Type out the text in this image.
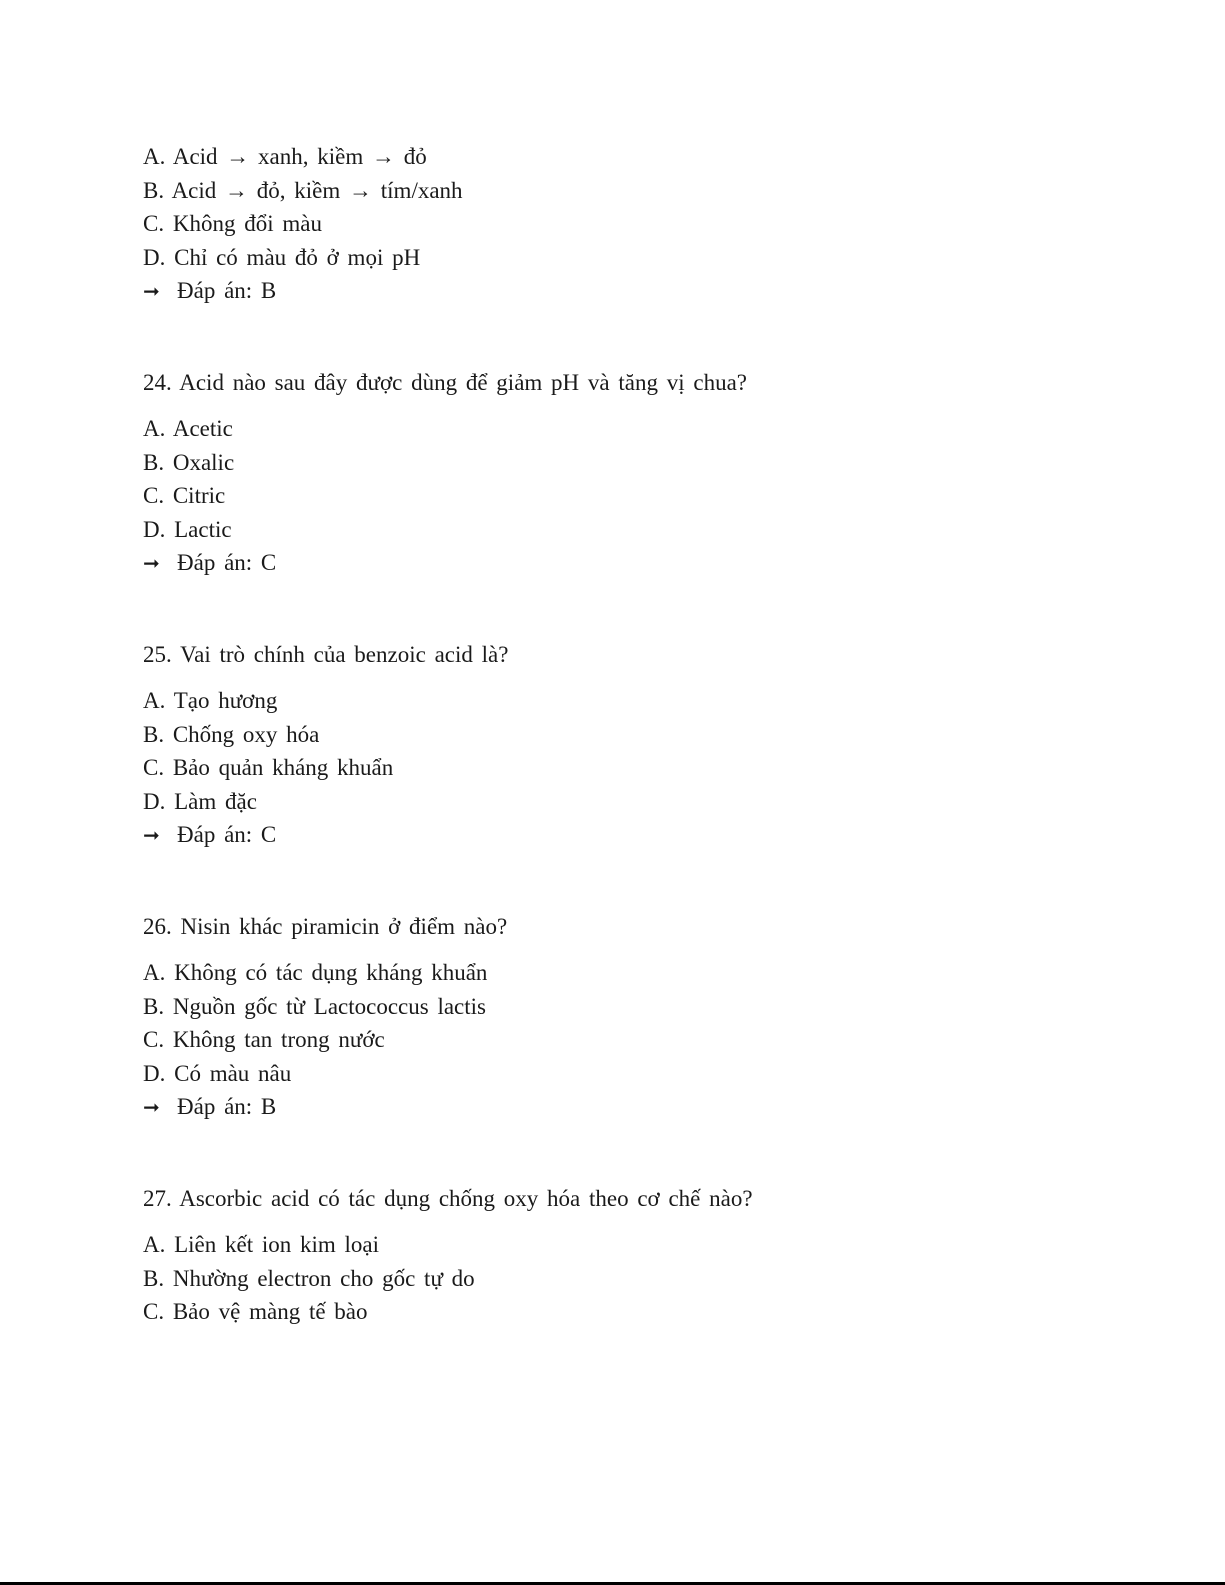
A. Acid → xanh, kiềm → đỏ
B. Acid → đỏ, kiềm → tím/xanh
C. Không đổi màu
D. Chỉ có màu đỏ ở mọi pH
➞ Đáp án: B
24. Acid nào sau đây được dùng để giảm pH và tăng vị chua?
A. Acetic
B. Oxalic
C. Citric
D. Lactic
➞ Đáp án: C
25. Vai trò chính của benzoic acid là?
A. Tạo hương
B. Chống oxy hóa
C. Bảo quản kháng khuẩn
D. Làm đặc
➞ Đáp án: C
26. Nisin khác piramicin ở điểm nào?
A. Không có tác dụng kháng khuẩn
B. Nguồn gốc từ Lactococcus lactis
C. Không tan trong nước
D. Có màu nâu
➞ Đáp án: B
27. Ascorbic acid có tác dụng chống oxy hóa theo cơ chế nào?
A. Liên kết ion kim loại
B. Nhường electron cho gốc tự do
C. Bảo vệ màng tế bào
